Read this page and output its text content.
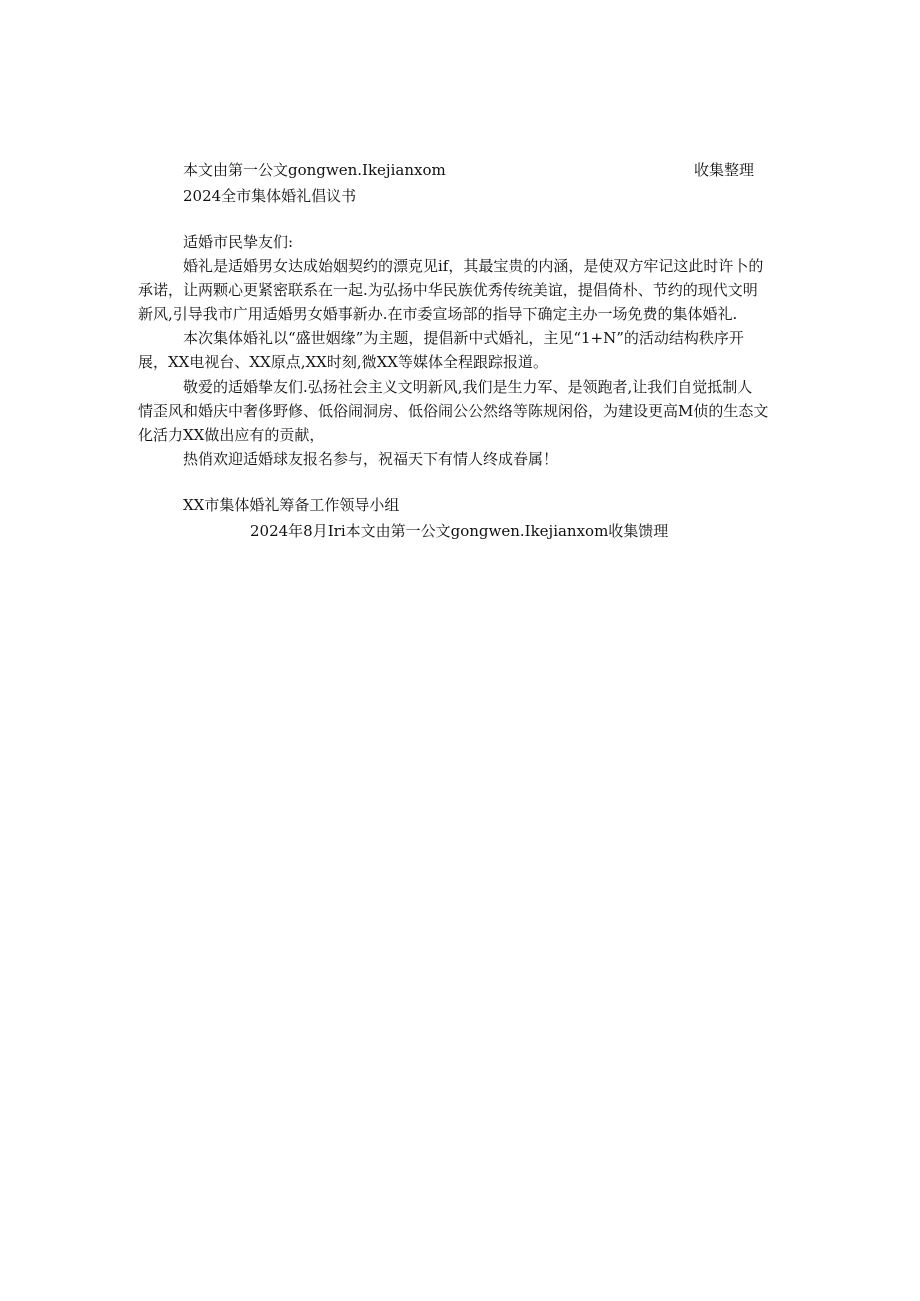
本文由第一公文gongwen.Ikejianxom	收集整理
2024全市集体婚礼倡议书
适婚市民挚友们:
婚礼是适婚男女达成始姻契约的漂克见if，其最宝贵的内涵，是使双方牢记这此时许卜的
承诺，让两颗心更紧密联系在一起.为弘扬中华民族优秀传统美谊，提倡倚朴、节约的现代文明
新风,引导我市广用适婚男女婚事新办.在市委宣场部的指导下确定主办一场免费的集体婚礼.
本次集体婚礼以“盛世姻缘”为主题，提倡新中式婚礼，主见“1+N”的活动结构秩序开
展，XX电视台、XX原点,XX时刻,微XX等媒体全程跟踪报道。
敬爱的适婚挚友们.弘扬社会主义文明新风,我们是生力军、是领跑者,让我们自觉抵制人
情歪风和婚庆中奢侈野修、低俗闹洞房、低俗闹公公然络等陈规闲俗，为建设更高M侦的生态文
化活力XX做出应有的贡献，
热俏欢迎适婚球友报名参与，祝福天下有情人终成眷属！
XX市集体婚礼筹备工作领导小组
2024年8月Iri本文由第一公文gongwen.Ikejianxom收集馈理
